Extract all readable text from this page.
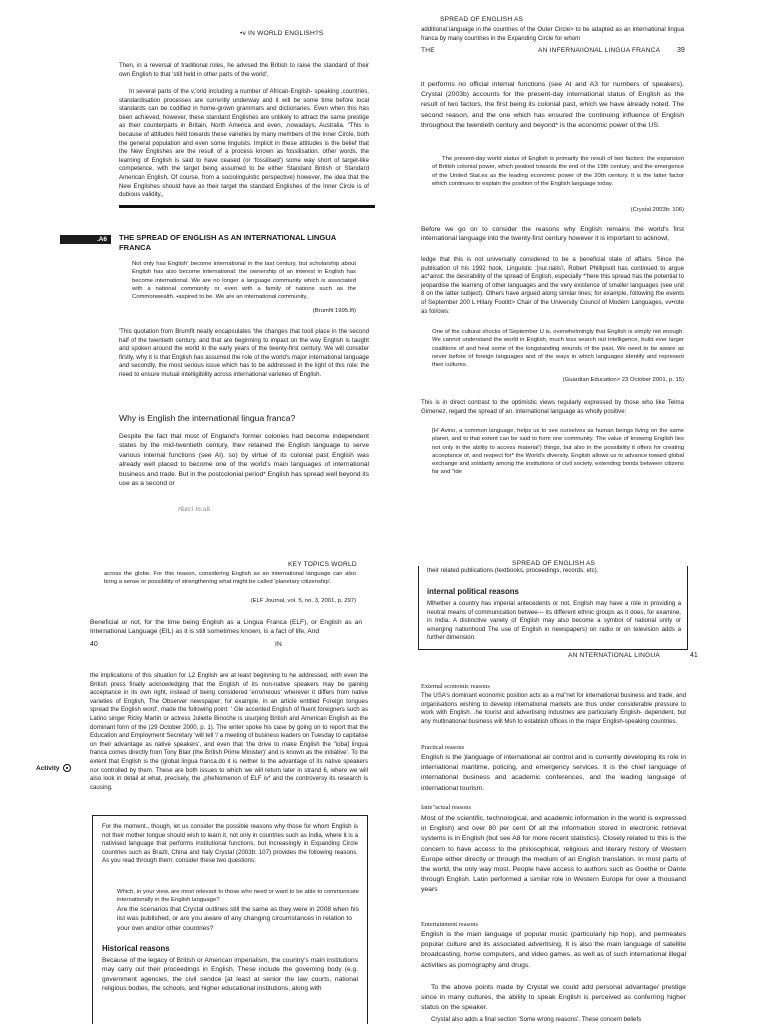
•v IN WORLD ENGLISH?S

Then, in a reversal of traditional roles, he advised the British to raise the standard of their own English to that 'still held in other parts of the world',

In several parts of the v,'orid including a number of African-English- speaking ,countries, standardisation processes are currently underway and it will be some time before local standards can be codified in home-grown grammars and dictionaries. Even when this has been achieved, however, these standard Englishes are unlikely to attract the same prestige as their counterparts in Britain, North America and even, ,nowadays, Australia. "This is because of attitudes held towards these varieties by many members of the Inner Circle, both the general population and even some linguists. Implicit in these attitudes is the belief that the New Englishes are the result of a process known as fossilisation. other words, the learning of English is said to have ceased (or 'fossilised') some way short of target-like competence, with the target being assumed to be either Standard British or Standard American English, Of course, from a sociolinguistic perspective) however, the idea that the New Englishes should have as their target the standard Englishes of the Inner Circle is of dubious validity,,

.A6	THE SPREAD OF ENGLISH AS AN INTERNATIONAL LINGUA FRANCA

Not only has English' become international in the last century, but scholarship about English has also become international: the ownership of an interest in English has become international. We are no longer a language community which is associated with a national community or even with a family of nations such as the Commonwealth. •aspired to be. We are an international community,

(Brumfit 1995.lfi)

'This quotation from Brumfit neatly encapsulates 'the changes that tooli place in the second half of the twentieth century, and that are beginning to impact on the way English is taught and spoken around the world in the early years of the twenty-first century. We will consider firstly, why it is that English has assumed the role of the world's major international language and secondly, the most serious issue which has to be addressed in the light of this role: the need to ensure mutual intelligibility across international varieties of English.

Why is English the international lingua franca?

Despite the fact that most of England's former colonies had become independent states by the mid-twentieth century, Ihev retained the English language to serve various internal functions (see AI). so) by virtue of its colonial past English was already well placed to become one of the world's main languages of international business and trade. But in the postcolonial period* English has spread well beyond its use as a second or

rkeci m.uk
SPREAD OF ENGLISH AS

additional language in the countries of the Outer Circle> to be adapted as an international lingua franca by many countries in the Expanding Circle for whom

THE	AN INFERNAIIONAL LINGUA FRANCA	39

it performs no official internal functions (see AI and A3 for numbers of speakers). Crystal (2003b) accounts for the present-day international status of English as the result of two factors, the first being its colonial past, which we have already noted. The second reason, and the one which has ensured the continuing influence of English throughout the twentieth century and beyond* is the economic power of the US:

The present-day world status of English is primarily the result of two factors: the expansion of British colonial power, which peaked towards the end of the 19th century, and the emergence of the United Stat.es as the leading economic power of the 20th century. It is the latter factor which continues to explain the position of the English language today.

(Crystal 2003b: 106)

Before we go on to consider the reasons why English remains the world's first international language into the twenty-first century however it is important to acknowl,

ledge that this is not universally considered to be a beneficial state of affairs. Since the publication of his 1992 hook, Linguistic :[nur.rialis'i, Robert Phillipsoll has continued to argue ac*ainst: the desirability of the spread of English, especially *'here this spread has the potential to jeopardise the learning of other languages and the very existence of smaller languages (see unit 8 on the latter subject). Others have argued along similar lines; for example, following the events of September 200 L Hilary Footitt> Chair of the University Council of Modern Languages, vv•rote as fol/ows:

One of the cultural shocks of September U is, overwhelmingly that English is simply not enough. We cannot understand the world in English, much less search out intelligence, build ever larger coalitions of and heal some of the longstanding wounds of the past, We need to be aware as never before of foreign languages and of the ways in which languages identify and represent their cultures.

(Guardian Education> 23 October 2001, p. 15)

This is in direct contrast to the optimistic views regularly expressed by those who like Telma Gimenez, regard the spread of an. international language as wholly positive:

[H' Avino, a common language, helps us to see ourselves as human beings living on the same planet, and to that extent can be said to form one community. The value of knowing English lies not only in the ability to access material') things, but also in the possibility it offers for creating acceptance of, and respect for* the World's diversity. English allows us to advance toward global exchange and solidarity among the institutions of civil society, extending bonds between citizens far and "ide

KEY TOPICS WORLD

across the globe. For this reason, considering English as an international language can also bring a sense or possibility of strengthening what might be called 'planetary citizenship'.

(ELF Journal, vol. 5, no. 3, 2001, p. 297)

Beneficial or not, for the time being English as a Lingua Franca (ELF), or English as an International Language (EIL) as it is still sometimes known, is a fact of life, And

40	IN

the implications of this situation for L2 English are at least beginning to he addressed, with even the British press finally acknowledging that the English of its non-native speakers may be gaining acceptance in its own right, instead of being considered 'erro/neous' wherever it differs from native varieties of English, The Observer newspaper; for example, in an article entitled Foreign tongues spread the English word', made the following point: ' Gle accented English of fluent foreigners such as Latino singer Ricky Martin or actress Juliette Binoche is usurping British and American English as the dominant form of the (29 October 2000, p. 1). The writer spoke his case by going on to report that the Education and Employment Secretary 'will tell '/ a meeting of business leaders on Tuesday to capitalise on their advantage as native speakers', and even that 'the drive to make English the "ioba] lingua franca comes directly from Tony Blair (the British Prime Minister)' and is known as the initiative'. To the extent that English is the (global lingua franca.do it is neither to the advantage of its native speakers nor controlled by them. These are both issues to which we will return later in strand 6, where we will also look in detail at what, precisely, the ,pheNomenon of ELF is* and the controversy its research is causing.

Activity

For the moment., though, let us consider the possible reasons why those for whom English is not their mother tongue should wish to learn it, not only in countries such as India, where it is a nativised language that performs institutional functions, but increasingly in Expanding Circle countries such as Brazil, China and Italy Crystal (2003b: 107) provides the following reasons. As you read through them: consider these two questions:

Which, in your view, are most relevant to those who need or want to be able to communicate internationally in the English language?

Are the scenarios that Crystal outlines still the same as they were in 2008 when his list was published, or are you aware of any changing circumstances in relation to your own and/or other countries?

Historical reasons

Because of the legacy of British or American imperialism, the country's main institutions may carry out their proceedings in English, These include the governing body (e.g. government agencies, the civil sendce [at least at senior the law courts, national religious bodies, the schools, and higher educational institutions, along with

SPREAD OF ENGLISH AS

their related publications (textbooks, proceedings, records, etc).

internal political reasons

Mlhether a country has imperial antecedents or not, English may have a role in providing a neutral means of communication betwee--- its different ethnic groups as it does, for examine, in India. A distinctive variety of English may also become a symbol of national unity or emerging nationhood The use of English in newspapers) on radio or on television adds a further dimension.

AN NTERNATIONAL LINGUA	41
External economic reasons

The USA's dominant economic position acts as a ma"net for international business and trade, and organisations wishing to develop international markets are thus under considerable pressure to work with English. .he tourist and advertising industries are particularly English- dependent, but any multinational business will Msh to establish offices in the major English-speaking countries.

Practical reasons

English is the )language of international air control and is currently developing its role in international maritime, policing, and emergency services. It is the chief language of international business and academic conferences, and the leading language of international tourism.

Iatte"actual reasons

Most of the scientific, technological, and academic information in the world is expressed in English) and over 80 per cent Of all the information stored in electronic retrieval systems is in English (but see A8 for more recent statistics). Closely related to this is the concern to have access to the philosophical, religious and literary history of Western Europe either directly or through the medium of an English translation. In most parts of the world, the only way most. People have access to authors such as Goethe or Dante through English. Latin performed a similar role in Western Europe for over a thousand years

Entertainment reasons

English is the main language of popular music (particularly hip hop), and permeates popular culture and its associated advertising, It is also the main language of satellite broadcasting, home computers, and video games, as well as of such international illegal activities as pornography and drugs.

To the above points made by Crystal we could add personal advantage/ prestige since in many cultures, the ability to speak English is perceived as conferring higher status on the speaker.

Crystal also adds a final section 'Some wrong reasons'. These concern beliefs
